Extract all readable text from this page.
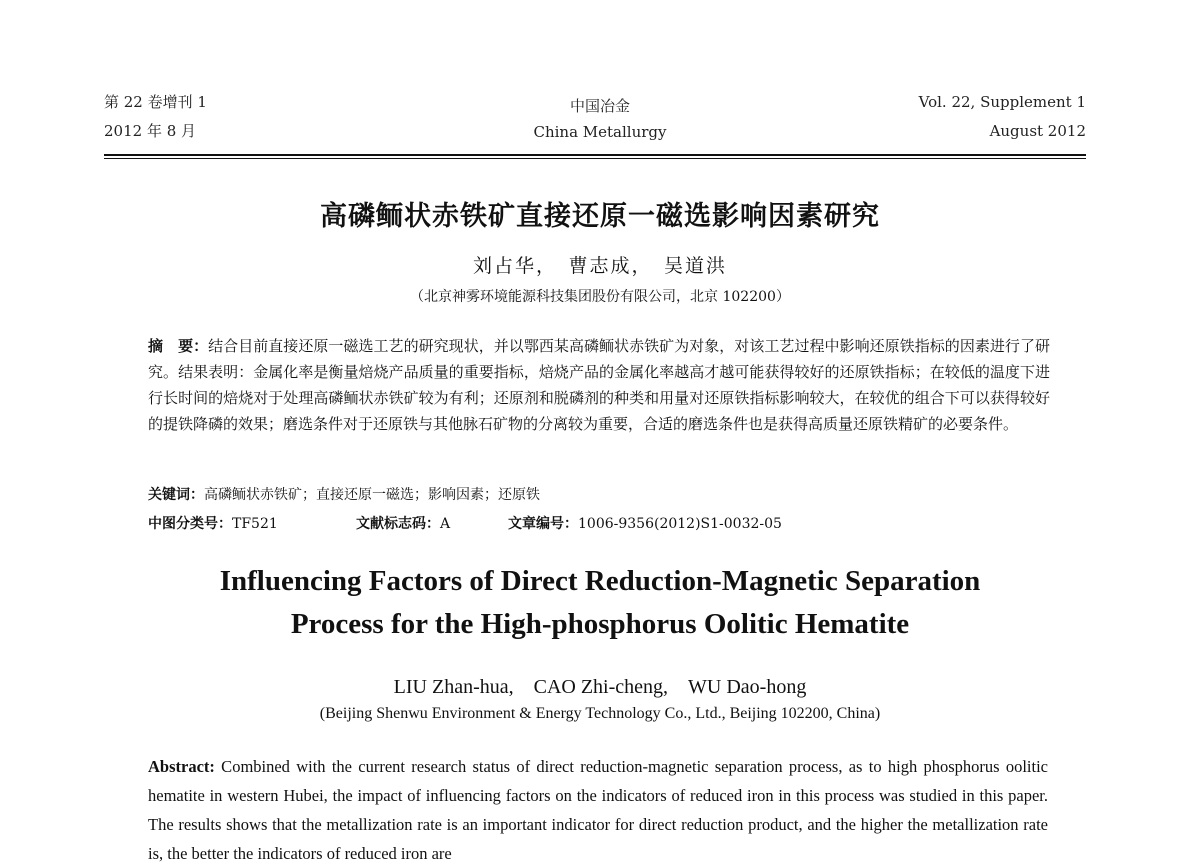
第 22 卷增刊 1
2012 年 8 月
中国冶金
China Metallurgy
Vol. 22, Supplement 1
August 2012
高磷鲕状赤铁矿直接还原一磁选影响因素研究
刘占华，　曹志成，　吴道洪
（北京神雾环境能源科技集团股份有限公司，北京 102200）
摘　要：结合目前直接还原一磁选工艺的研究现状，并以鄂西某高磷鲕状赤铁矿为对象，对该工艺过程中影响还原铁指标的因素进行了研究。结果表明：金属化率是衡量焙烧产品质量的重要指标，焙烧产品的金属化率越高才越可能获得较好的还原铁指标；在较低的温度下进行长时间的焙烧对于处理高磷鲕状赤铁矿较为有利；还原剂和脱磷剂的种类和用量对还原铁指标影响较大，在较优的组合下可以获得较好的提铁降磷的效果；磨选条件对于还原铁与其他脉石矿物的分离较为重要，合适的磨选条件也是获得高质量还原铁精矿的必要条件。
关键词：高磷鲕状赤铁矿；直接还原一磁选；影响因素；还原铁
中图分类号：TF521	文献标志码：A	文章编号：1006-9356(2012)S1-0032-05
Influencing Factors of Direct Reduction-Magnetic Separation
Process for the High-phosphorus Oolitic Hematite
LIU Zhan-hua,　CAO Zhi-cheng,　WU Dao-hong
(Beijing Shenwu Environment & Energy Technology Co., Ltd., Beijing 102200, China)
Abstract: Combined with the current research status of direct reduction-magnetic separation process, as to high phosphorus oolitic hematite in western Hubei, the impact of influencing factors on the indicators of reduced iron in this process was studied in this paper. The results shows that the metallization rate is an important indicator for direct reduction product, and the higher the metallization rate is, the better the indicators of reduced iron are
